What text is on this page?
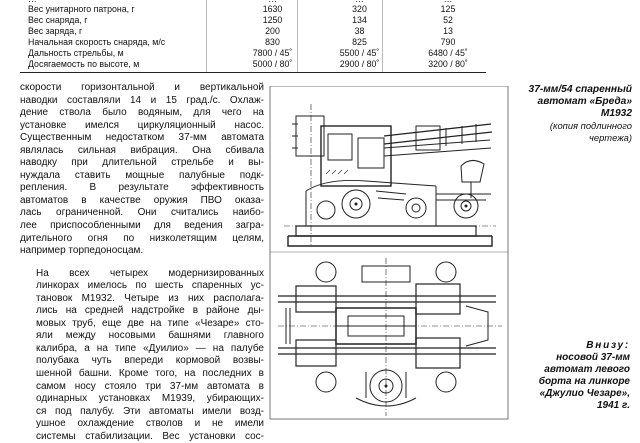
Вес унитарного патрона, г	1630	320	125
Вес снаряда, г	1250	134	52
Вес заряда, г	200	38	13
Начальная скорость снаряда, м/с	830	825	790
Дальность стрельбы, м	7800 / 45˚	5500 / 45˚	6480 / 45˚
Досягаемость по высоте, м	5000 / 80˚	2900 / 80˚	3200 / 80˚
скорости горизонтальной и вертикальной
наводки составляли 14 и 15 град./с. Охлаж-
дение ствола было водяным, для чего на
установке имелся циркуляционный насос.
Существенным недостатком 37-мм автомата
являлась сильная вибрация. Она сбивала
наводку при длительной стрельбе и вы-
нуждала ставить мощные палубные подк-
репления. В результате эффективность
автоматов в качестве оружия ПВО оказа-
лась ограниченной. Они считались наибо-
лее приспособленными для ведения загра-
дительного огня по низколетящим целям,
например торпедоносцам.
На всех четырех модернизированных
линкорах имелось по шесть спаренных ус-
тановок М1932. Четыре из них располага-
лись на средней надстройке в районе ды-
мовых труб, еще две на типе «Чезаре» сто-
яли между носовыми башнями главного
калибра, а на типе «Дуилио» — на палубе
полубака чуть впереди кормовой возвы-
шенной башни. Кроме того, на последних в
самом носу стояло три 37-мм автомата в
одинарных установках М1939, убирающих-
ся под палубу. Эти автоматы имели возд-
ушное охлаждение стволов и не имели
системы стабилизации. Вес установки сос-
37-мм/54 спаренный
автомат «Бреда»
М1932
(копия подлинного
чертежа)
Внизу:
носовой 37-мм
автомат левого
борта на линкоре
«Джулио Чезаре»,
1941 г.
